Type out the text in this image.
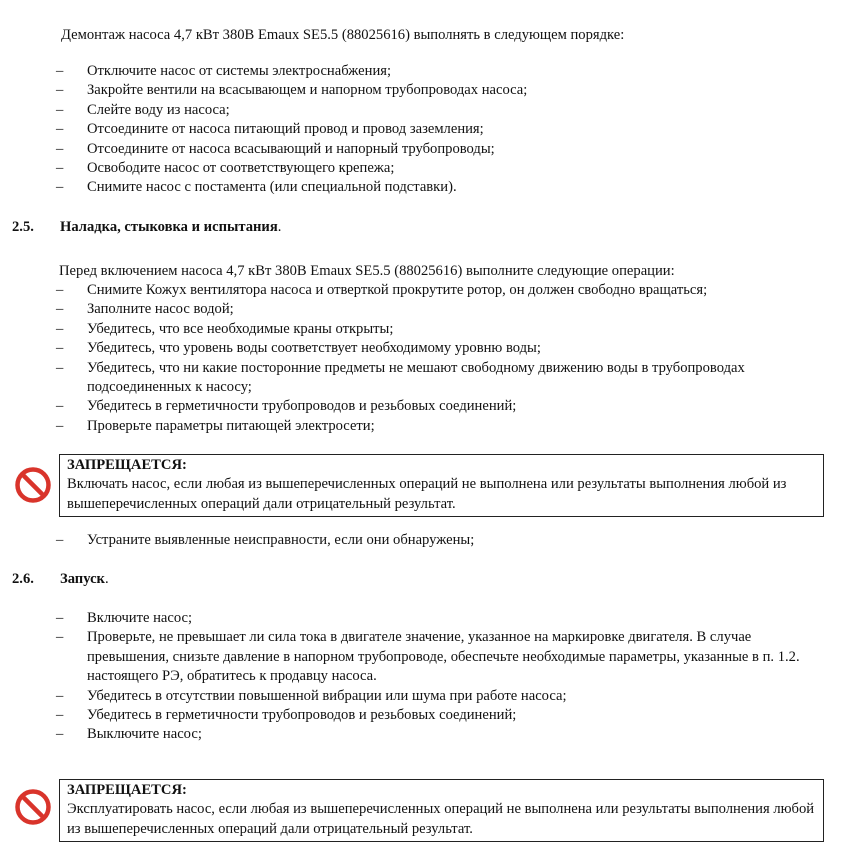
Демонтаж насоса 4,7 кВт 380В Emaux SE5.5 (88025616) выполнять в следующем порядке:

– Отключите насос от системы электроснабжения;
– Закройте вентили на всасывающем и напорном трубопроводах насоса;
– Слейте воду из насоса;
– Отсоедините от насоса питающий провод и провод заземления;
– Отсоедините от насоса всасывающий и напорный трубопроводы;
– Освободите насос от соответствующего крепежа;
– Снимите насос с постамента (или специальной подставки).
2.5. Наладка, стыковка и испытания.

Перед включением насоса 4,7 кВт 380В Emaux SE5.5 (88025616) выполните следующие операции:

– Снимите Кожух вентилятора насоса и отверткой прокрутите ротор, он должен свободно вращаться;
– Заполните насос водой;
– Убедитесь, что все необходимые краны открыты;
– Убедитесь, что уровень воды соответствует необходимому уровню воды;
– Убедитесь, что ни какие посторонние предметы не мешают свободному движению воды в трубопроводах подсоединенных к насосу;
– Убедитесь в герметичности трубопроводов и резьбовых соединений;
– Проверьте параметры питающей электросети;
ЗАПРЕЩАЕТСЯ:
Включать насос, если любая из вышеперечисленных операций не выполнена или результаты выполнения любой из вышеперечисленных операций дали отрицательный результат.
– Устраните выявленные неисправности, если они обнаружены;
2.6. Запуск.
– Включите насос;
– Проверьте, не превышает ли сила тока в двигателе значение, указанное на маркировке двигателя. В случае превышения, снизьте давление в напорном трубопроводе, обеспечьте необходимые параметры, указанные в п. 1.2. настоящего РЭ, обратитесь к продавцу насоса.
– Убедитесь в отсутствии повышенной вибрации или шума при работе насоса;
– Убедитесь в герметичности трубопроводов и резьбовых соединений;
– Выключите насос;
ЗАПРЕЩАЕТСЯ:
Эксплуатировать насос, если любая из вышеперечисленных операций не выполнена или результаты выполнения любой из вышеперечисленных операций дали отрицательный результат.
